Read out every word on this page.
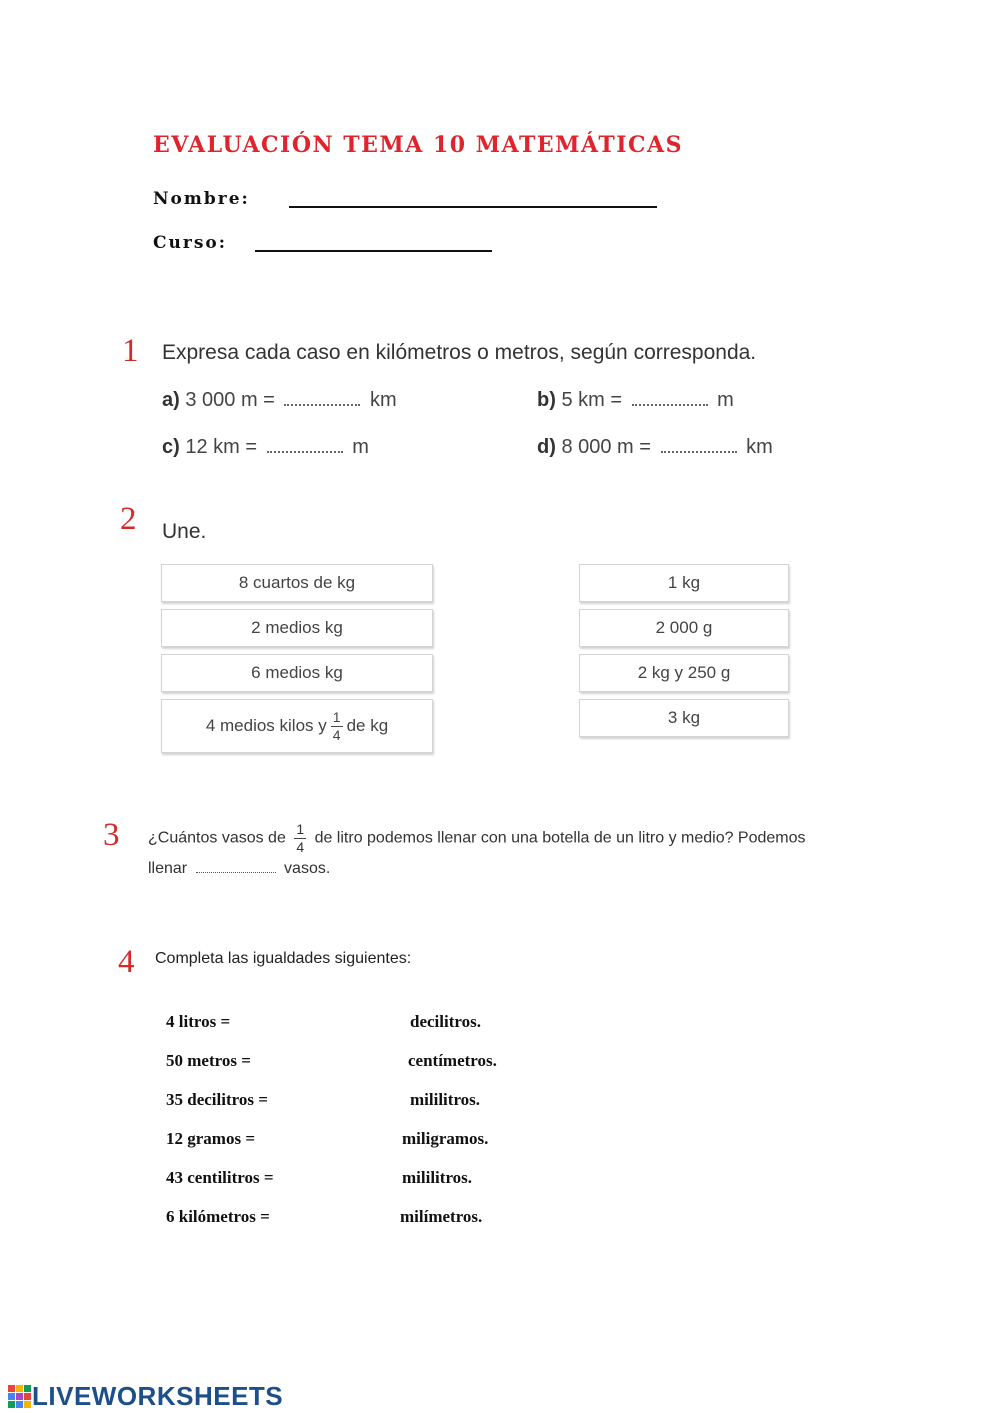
EVALUACIÓN TEMA 10 MATEMÁTICAS
Nombre:
Curso:
1 Expresa cada caso en kilómetros o metros, según corresponda.
a) 3 000 m =	km	b) 5 km =	m
c) 12 km =	m	d) 8 000 m =	km
2 Une.
8 cuartos de kg
2 medios kg
6 medios kg
4 medios kilos y $\frac{1}{4}$ de kg
1 kg
2 000 g
2 kg y 250 g
3 kg
3 ¿Cuántos vasos de $\frac{1}{4}$ de litro podemos llenar con una botella de un litro y medio? Podemos
llenar	vasos.
4 Completa las igualdades siguientes:
4 litros =	decilitros.
50 metros =	centímetros.
35 decilitros =	mililitros.
12 gramos =	miligramos.
43 centilitros =	mililitros.
6 kilómetros =	milímetros.
LIVEWORKSHEETS
